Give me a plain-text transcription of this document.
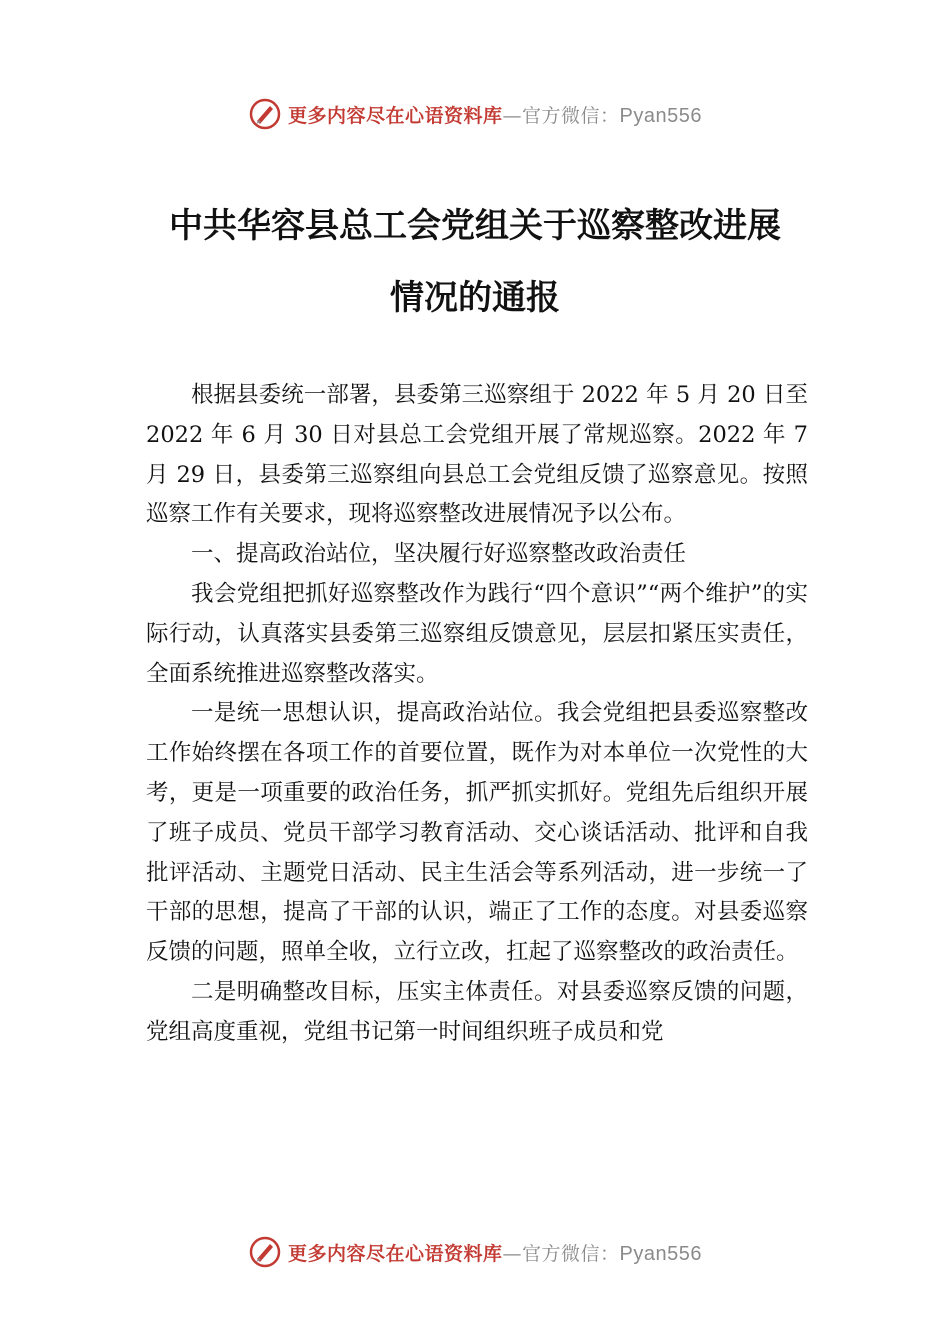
更多内容尽在心语资料库—官方微信：Pyan556
中共华容县总工会党组关于巡察整改进展
情况的通报

根据县委统一部署，县委第三巡察组于 2022 年 5 月 20 日至 2022 年 6 月 30 日对县总工会党组开展了常规巡察。2022 年 7 月 29 日，县委第三巡察组向县总工会党组反馈了巡察意见。按照巡察工作有关要求，现将巡察整改进展情况予以公布。

一、提高政治站位，坚决履行好巡察整改政治责任

我会党组把抓好巡察整改作为践行“四个意识”“两个维护”的实际行动，认真落实县委第三巡察组反馈意见，层层扣紧压实责任，全面系统推进巡察整改落实。

一是统一思想认识，提高政治站位。我会党组把县委巡察整改工作始终摆在各项工作的首要位置，既作为对本单位一次党性的大考，更是一项重要的政治任务，抓严抓实抓好。党组先后组织开展了班子成员、党员干部学习教育活动、交心谈话活动、批评和自我批评活动、主题党日活动、民主生活会等系列活动，进一步统一了干部的思想，提高了干部的认识，端正了工作的态度。对县委巡察反馈的问题，照单全收，立行立改，扛起了巡察整改的政治责任。

二是明确整改目标，压实主体责任。对县委巡察反馈的问题，党组高度重视，党组书记第一时间组织班子成员和党

更多内容尽在心语资料库—官方微信：Pyan556
